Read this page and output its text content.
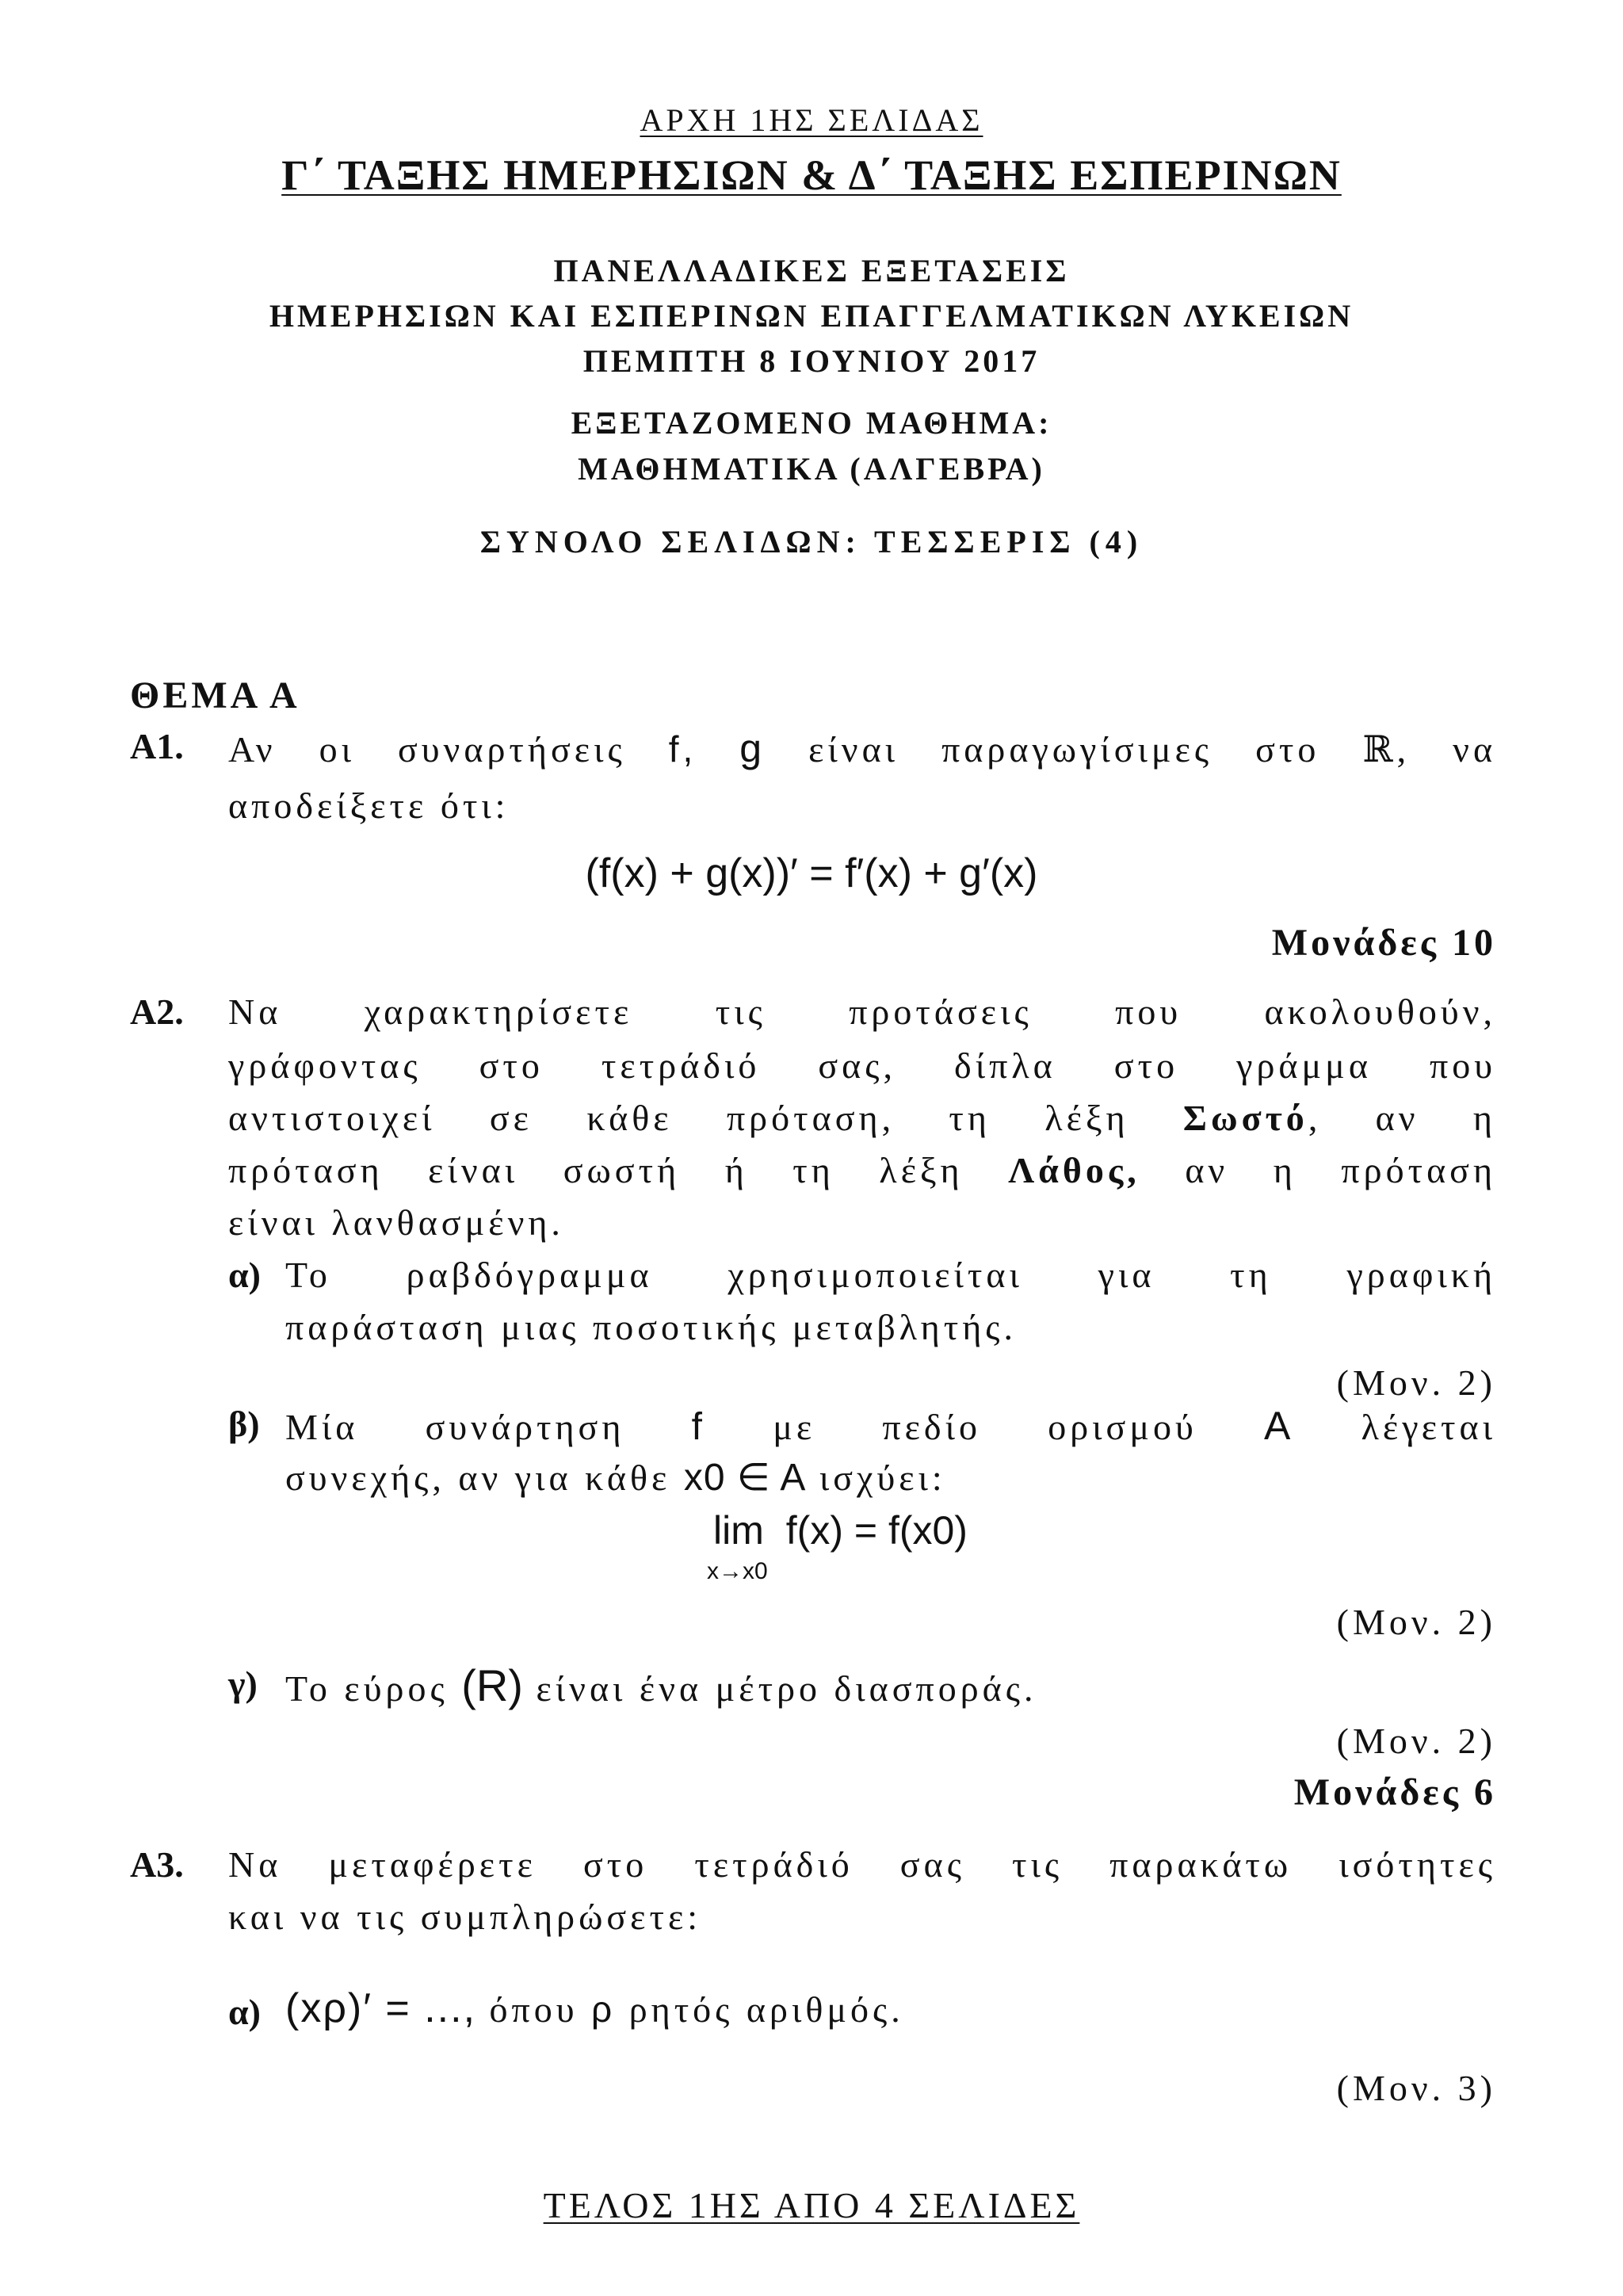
ΑΡΧΗ 1ΗΣ ΣΕΛΙΔΑΣ
Γ΄ ΤΑΞΗΣ ΗΜΕΡΗΣΙΩΝ & Δ΄ ΤΑΞΗΣ ΕΣΠΕΡΙΝΩΝ
ΠΑΝΕΛΛΑΔΙΚΕΣ ΕΞΕΤΑΣΕΙΣ
ΗΜΕΡΗΣΙΩΝ ΚΑΙ ΕΣΠΕΡΙΝΩΝ ΕΠΑΓΓΕΛΜΑΤΙΚΩΝ ΛΥΚΕΙΩΝ
ΠΕΜΠΤΗ 8 ΙΟΥΝΙΟΥ 2017
ΕΞΕΤΑΖΟΜΕΝΟ ΜΑΘΗΜΑ:
ΜΑΘΗΜΑΤΙΚΑ (ΑΛΓΕΒΡΑ)
ΣΥΝΟΛΟ ΣΕΛΙΔΩΝ: ΤΕΣΣΕΡΙΣ (4)
ΘΕΜΑ Α
Α1. Αν οι συναρτήσεις f, g είναι παραγωγίσιμες στο ℝ, να
αποδείξετε ότι:
(f(x) + g(x))′ = f′(x) + g′(x)
Μονάδες 10
Α2. Να χαρακτηρίσετε τις προτάσεις που ακολουθούν,
γράφοντας στο τετράδιό σας, δίπλα στο γράμμα που
αντιστοιχεί σε κάθε πρόταση, τη λέξη Σωστό, αν η
πρόταση είναι σωστή ή τη λέξη Λάθος, αν η πρόταση
είναι λανθασμένη.
α) Το ραβδόγραμμα χρησιμοποιείται για τη γραφική
παράσταση μιας ποσοτικής μεταβλητής.
(Μον. 2)
β) Μία συνάρτηση f με πεδίο ορισμού Α λέγεται
συνεχής, αν για κάθε x0 ∈ A ισχύει:
lim f(x) = f(x0)
x→x0
(Μον. 2)
γ) Το εύρος (R) είναι ένα μέτρο διασποράς.
(Μον. 2)
Μονάδες 6
Α3. Να μεταφέρετε στο τετράδιό σας τις παρακάτω ισότητες
και να τις συμπληρώσετε:
α) (xρ)′ = ..., όπου ρ ρητός αριθμός.
(Μον. 3)
ΤΕΛΟΣ 1ΗΣ ΑΠΟ 4 ΣΕΛΙΔΕΣ
